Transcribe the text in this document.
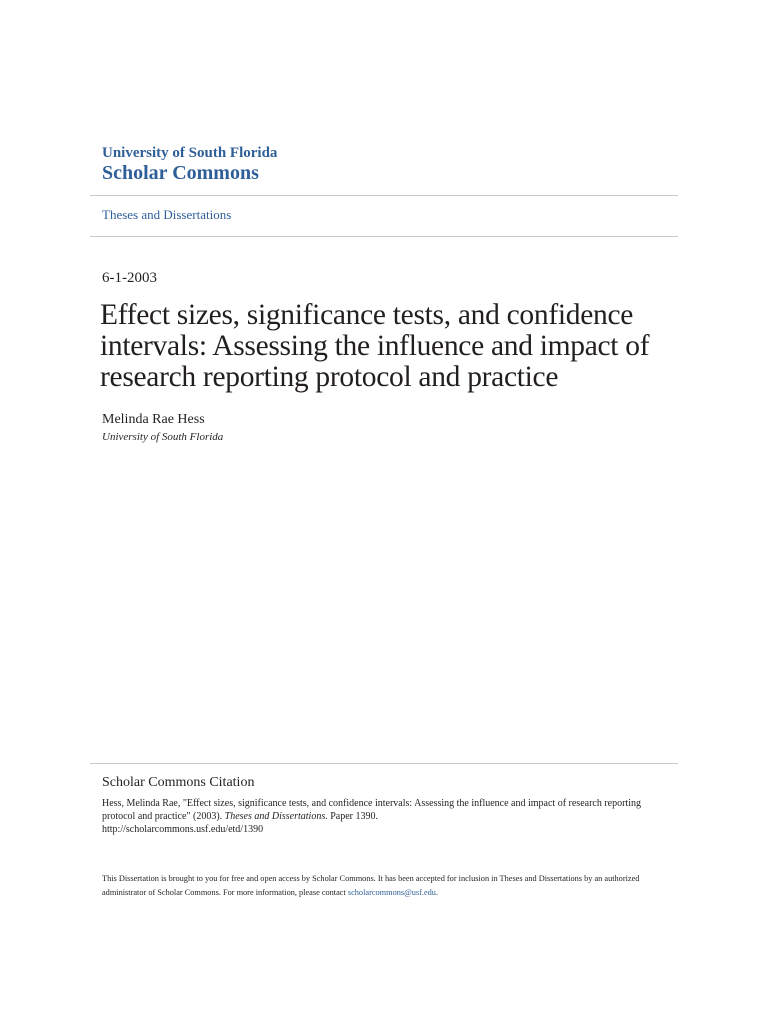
University of South Florida
Scholar Commons
Theses and Dissertations
6-1-2003
Effect sizes, significance tests, and confidence intervals: Assessing the influence and impact of research reporting protocol and practice
Melinda Rae Hess
University of South Florida
Scholar Commons Citation
Hess, Melinda Rae, "Effect sizes, significance tests, and confidence intervals: Assessing the influence and impact of research reporting protocol and practice" (2003). Theses and Dissertations. Paper 1390.
http://scholarcommons.usf.edu/etd/1390
This Dissertation is brought to you for free and open access by Scholar Commons. It has been accepted for inclusion in Theses and Dissertations by an authorized administrator of Scholar Commons. For more information, please contact scholarcommons@usf.edu.
